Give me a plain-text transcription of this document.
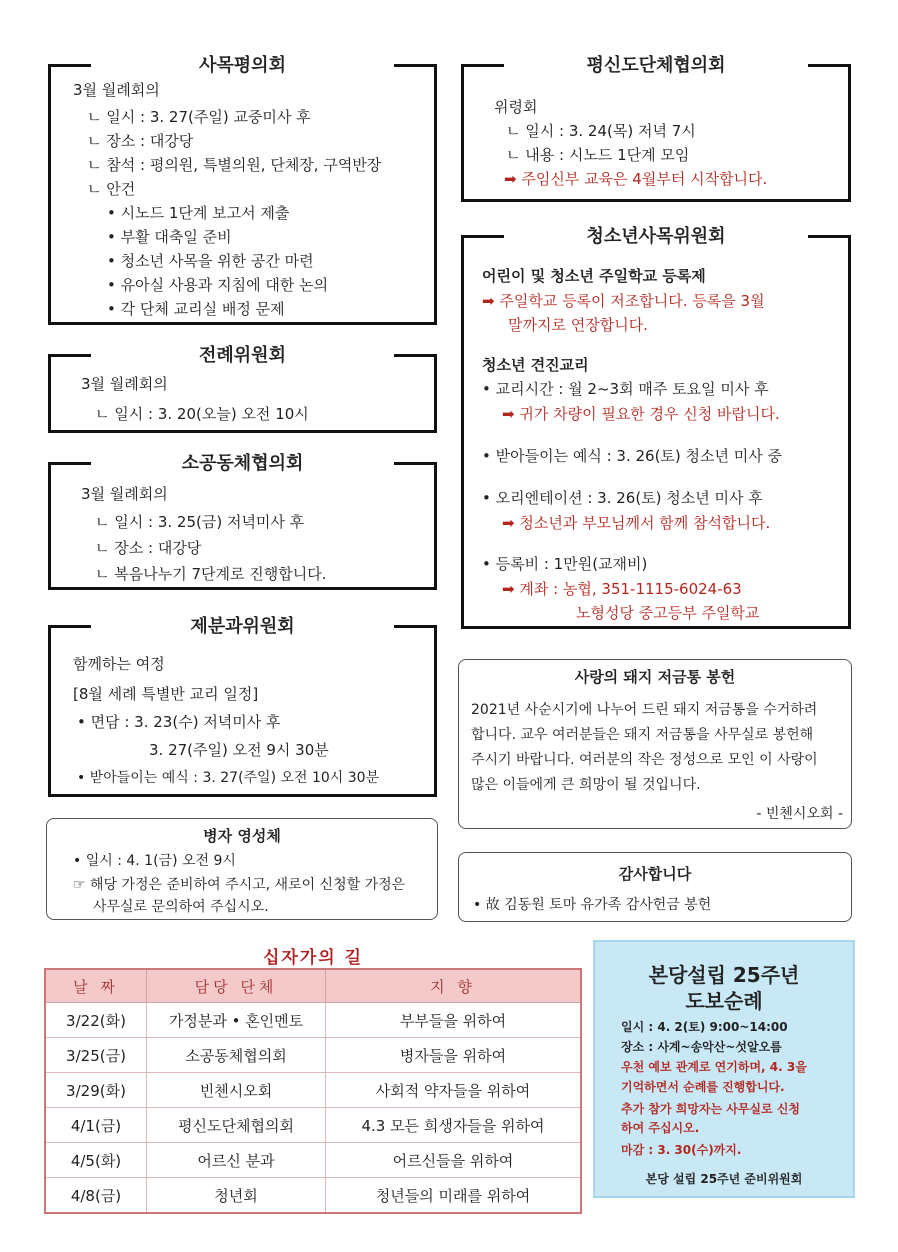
사목평의회
3월 월례회의
ㄴ 일시 : 3. 27(주일) 교중미사 후
ㄴ 장소 : 대강당
ㄴ 참석 : 평의원, 특별의원, 단체장, 구역반장
ㄴ 안건
• 시노드 1단계 보고서 제출
• 부활 대축일 준비
• 청소년 사목을 위한 공간 마련
• 유아실 사용과 지침에 대한 논의
• 각 단체 교리실 배정 문제
전례위원회
3월 월례회의
ㄴ 일시 : 3. 20(오늘) 오전 10시
소공동체협의회
3월 월례회의
ㄴ 일시 : 3. 25(금) 저녁미사 후
ㄴ 장소 : 대강당
ㄴ 복음나누기 7단계로 진행합니다.
제분과위원회
함께하는 여정
[8월 세례 특별반 교리 일정]
• 면담 : 3. 23(수) 저녁미사 후
3. 27(주일) 오전 9시 30분
• 받아들이는 예식 : 3. 27(주일) 오전 10시 30분
병자 영성체
• 일시 : 4. 1(금) 오전 9시
☞ 해당 가정은 준비하여 주시고, 새로이 신청할 가정은
사무실로 문의하여 주십시오.
평신도단체협의회
위령회
ㄴ 일시 : 3. 24(목) 저녁 7시
ㄴ 내용 : 시노드 1단계 모임
➡ 주임신부 교육은 4월부터 시작합니다.
청소년사목위원회
어린이 및 청소년 주일학교 등록제
➡ 주일학교 등록이 저조합니다. 등록을 3월
말까지로 연장합니다.
청소년 견진교리
• 교리시간 : 월 2~3회 매주 토요일 미사 후
➡ 귀가 차량이 필요한 경우 신청 바랍니다.
• 받아들이는 예식 : 3. 26(토) 청소년 미사 중
• 오리엔테이션 : 3. 26(토) 청소년 미사 후
➡ 청소년과 부모님께서 함께 참석합니다.
• 등록비 : 1만원(교재비)
➡ 계좌 : 농협, 351-1115-6024-63
노형성당 중고등부 주일학교
사랑의 돼지 저금통 봉헌
2021년 사순시기에 나누어 드린 돼지 저금통을 수거하려
합니다. 교우 여러분들은 돼지 저금통을 사무실로 봉헌해
주시기 바랍니다. 여러분의 작은 정성으로 모인 이 사랑이
많은 이들에게 큰 희망이 될 것입니다.
- 빈첸시오회 -
감사합니다
• 故 김동원 토마 유가족 감사헌금 봉헌
십자가의 길
날 짜	담당 단체	지 향
3/22(화)	가정분과 • 혼인멘토	부부들을 위하여
3/25(금)	소공동체협의회	병자들을 위하여
3/29(화)	빈첸시오회	사회적 약자들을 위하여
4/1(금)	평신도단체협의회	4.3 모든 희생자들을 위하여
4/5(화)	어르신 분과	어르신들을 위하여
4/8(금)	청년회	청년들의 미래를 위하여
본당설립 25주년
도보순례
일시 : 4. 2(토) 9:00~14:00
장소 : 사계~송악산~섯알오름
우천 예보 관계로 연기하며, 4. 3을
기억하면서 순례를 진행합니다.
추가 참가 희망자는 사무실로 신청
하여 주십시오.
마감 : 3. 30(수)까지.
본당 설립 25주년 준비위원회
